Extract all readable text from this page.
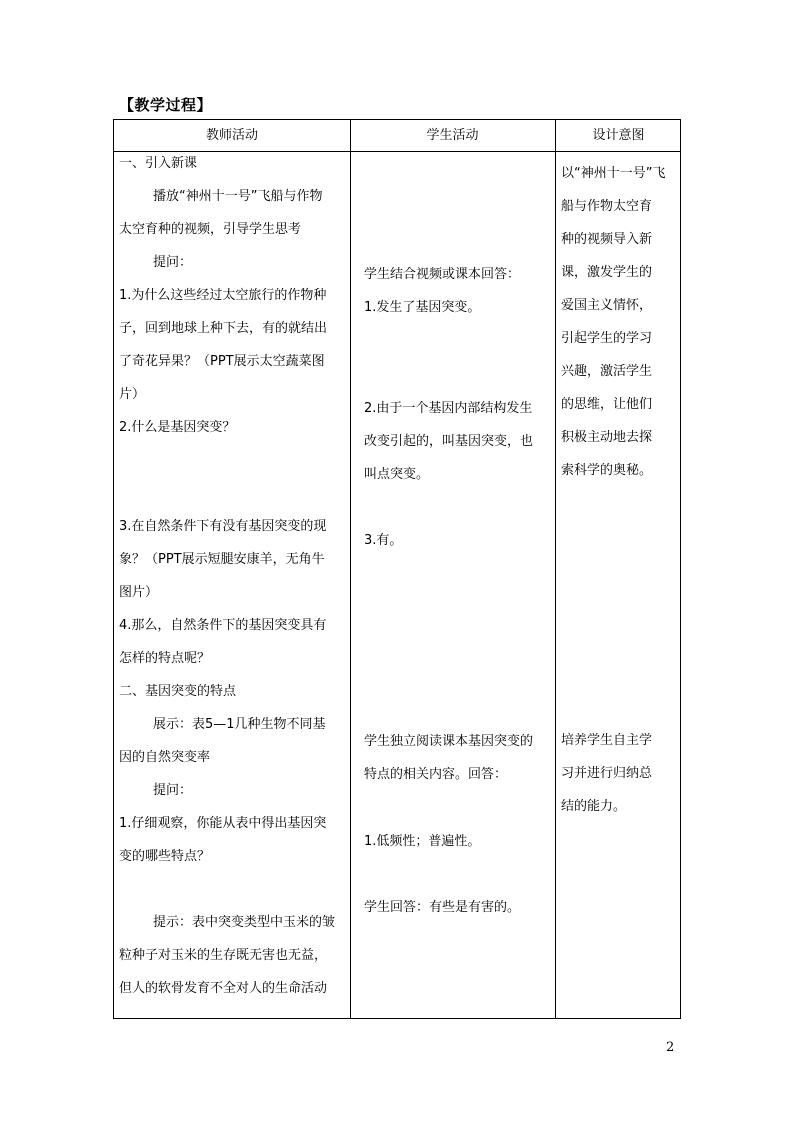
【教学过程】
教师活动	学生活动	设计意图

一、引入新课

播放“神州十一号”飞船与作物

太空育种的视频，引导学生思考

提问：

1.为什么这些经过太空旅行的作物种

子，回到地球上种下去，有的就结出

了奇花异果？（PPT展示太空蔬菜图

片）

2.什么是基因突变？

3.在自然条件下有没有基因突变的现

象？（PPT展示短腿安康羊，无角牛

图片）

4.那么，自然条件下的基因突变具有

怎样的特点呢？

二、基因突变的特点

展示：表5—1几种生物不同基

因的自然突变率

提问：

1.仔细观察，你能从表中得出基因突

变的哪些特点？

提示：表中突变类型中玉米的皱

粒种子对玉米的生存既无害也无益，

但人的软骨发育不全对人的生命活动

学生结合视频或课本回答：

1.发生了基因突变。

2.由于一个基因内部结构发生

改变引起的，叫基因突变，也

叫点突变。

3.有。

学生独立阅读课本基因突变的

特点的相关内容。回答：

1.低频性；普遍性。

学生回答：有些是有害的。

以“神州十一号”飞

船与作物太空育

种的视频导入新

课，激发学生的

爱国主义情怀，

引起学生的学习

兴趣，激活学生

的思维，让他们

积极主动地去探

索科学的奥秘。

培养学生自主学

习并进行归纳总

结的能力。

2
